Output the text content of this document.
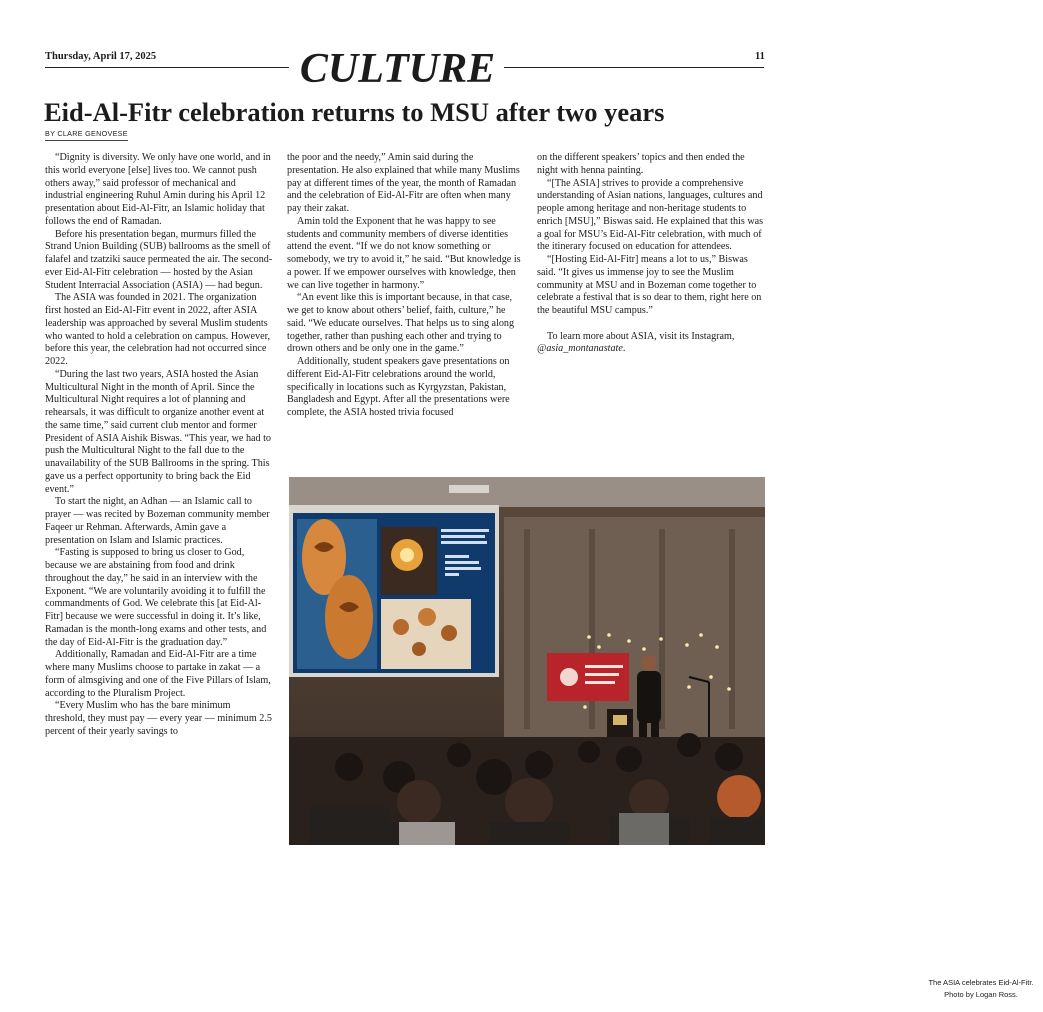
Thursday, April 17, 2025	CULTURE	11
Eid-Al-Fitr celebration returns to MSU after two years
BY CLARE GENOVESE

“Dignity is diversity. We only have one world, and in this world everyone [else] lives too. We cannot push others away,” said professor of mechanical and industrial engineering Ruhul Amin during his April 12 presentation about Eid-Al-Fitr, an Islamic holiday that follows the end of Ramadan.

Before his presentation began, murmurs filled the Strand Union Building (SUB) ballrooms as the smell of falafel and tzatziki sauce permeated the air. The second-ever Eid-Al-Fitr celebration — hosted by the Asian Student Interracial Association (ASIA) — had begun.

The ASIA was founded in 2021. The organization first hosted an Eid-Al-Fitr event in 2022, after ASIA leadership was approached by several Muslim students who wanted to hold a celebration on campus. However, before this year, the celebration had not occurred since 2022.

“During the last two years, ASIA hosted the Asian Multicultural Night in the month of April. Since the Multicultural Night requires a lot of planning and rehearsals, it was difficult to organize another event at the same time,” said current club mentor and former President of ASIA Aishik Biswas. “This year, we had to push the Multicultural Night to the fall due to the unavailability of the SUB Ballrooms in the spring. This gave us a perfect opportunity to bring back the Eid event.”

To start the night, an Adhan — an Islamic call to prayer — was recited by Bozeman community member Faqeer ur Rehman. Afterwards, Amin gave a presentation on Islam and Islamic practices.

“Fasting is supposed to bring us closer to God, because we are abstaining from food and drink throughout the day,” he said in an interview with the Exponent. “We are voluntarily avoiding it to fulfill the commandments of God. We celebrate this [at Eid-Al-Fitr] because we were successful in doing it. It’s like, Ramadan is the month-long exams and other tests, and the day of Eid-Al-Fitr is the graduation day.”

Additionally, Ramadan and Eid-Al-Fitr are a time where many Muslims choose to partake in zakat — a form of almsgiving and one of the Five Pillars of Islam, according to the Pluralism Project.

“Every Muslim who has the bare minimum threshold, they must pay — every year — minimum 2.5 percent of their yearly savings to

the poor and the needy,” Amin said during the presentation. He also explained that while many Muslims pay at different times of the year, the month of Ramadan and the celebration of Eid-Al-Fitr are often when many pay their zakat.

Amin told the Exponent that he was happy to see students and community members of diverse identities attend the event. “If we do not know something or somebody, we try to avoid it,” he said. “But knowledge is a power. If we empower ourselves with knowledge, then we can live together in harmony.”

“An event like this is important because, in that case, we get to know about others’ belief, faith, culture,” he said. “We educate ourselves. That helps us to sing along together, rather than pushing each other and trying to drown others and be only one in the game.”

Additionally, student speakers gave presentations on different Eid-Al-Fitr celebrations around the world, specifically in locations such as Kyrgyzstan, Pakistan, Bangladesh and Egypt. After all the presentations were complete, the ASIA hosted trivia focused

on the different speakers’ topics and then ended the night with henna painting.

“[The ASIA] strives to provide a comprehensive understanding of Asian nations, languages, cultures and people among heritage and non-heritage students to enrich [MSU],” Biswas said. He explained that this was a goal for MSU’s Eid-Al-Fitr celebration, with much of the itinerary focused on education for attendees.

“[Hosting Eid-Al-Fitr] means a lot to us,” Biswas said. “It gives us immense joy to see the Muslim community at MSU and in Bozeman come together to celebrate a festival that is so dear to them, right here on the beautiful MSU campus.”

To learn more about ASIA, visit its Instagram, @asia_montanastate.

The ASIA celebrates Eid-Al-Fitr.
Photo by Logan Ross.
